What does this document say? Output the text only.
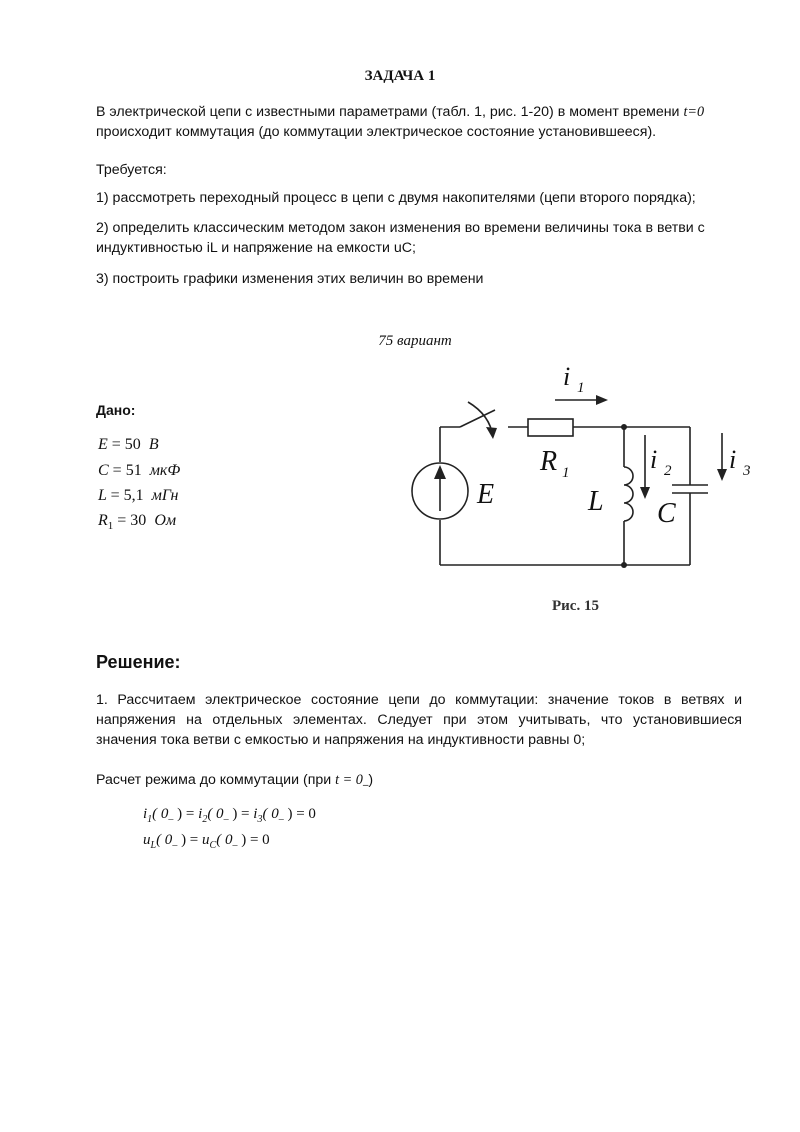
ЗАДАЧА 1
В электрической цепи с известными параметрами (табл. 1, рис. 1-20) в момент времени t=0
происходит коммутация (до коммутации электрическое состояние установившееся).
Требуется:
1) рассмотреть переходный процесс в цепи с двумя накопителями (цепи второго порядка);
2) определить классическим методом закон изменения во времени величины тока в ветви с индуктивностью iL и напряжение на емкости uC;
3) построить графики изменения этих величин во времени
75 вариант
Дано:
E = 50 В
C = 51 мкФ
L = 5,1 мГн
$R_1 = 30$ Ом
E
R 1
L C
i 1
i 2 i 3
Рис. 15
Решение:
1. Рассчитаем электрическое состояние цепи до коммутации: значение токов в ветвях и напряжения на отдельных элементах. Следует при этом учитывать, что установившиеся значения тока ветви с емкостью и напряжения на индуктивности равны 0;
Расчет режима до коммутации (при $t = 0_-$)
$i_1$( $0_-$ ) = $i_2$( $0_-$ ) = $i_3$( $0_-$ ) = 0
$u_L$( $0_-$ ) = $u_C$( $0_-$ ) = 0
